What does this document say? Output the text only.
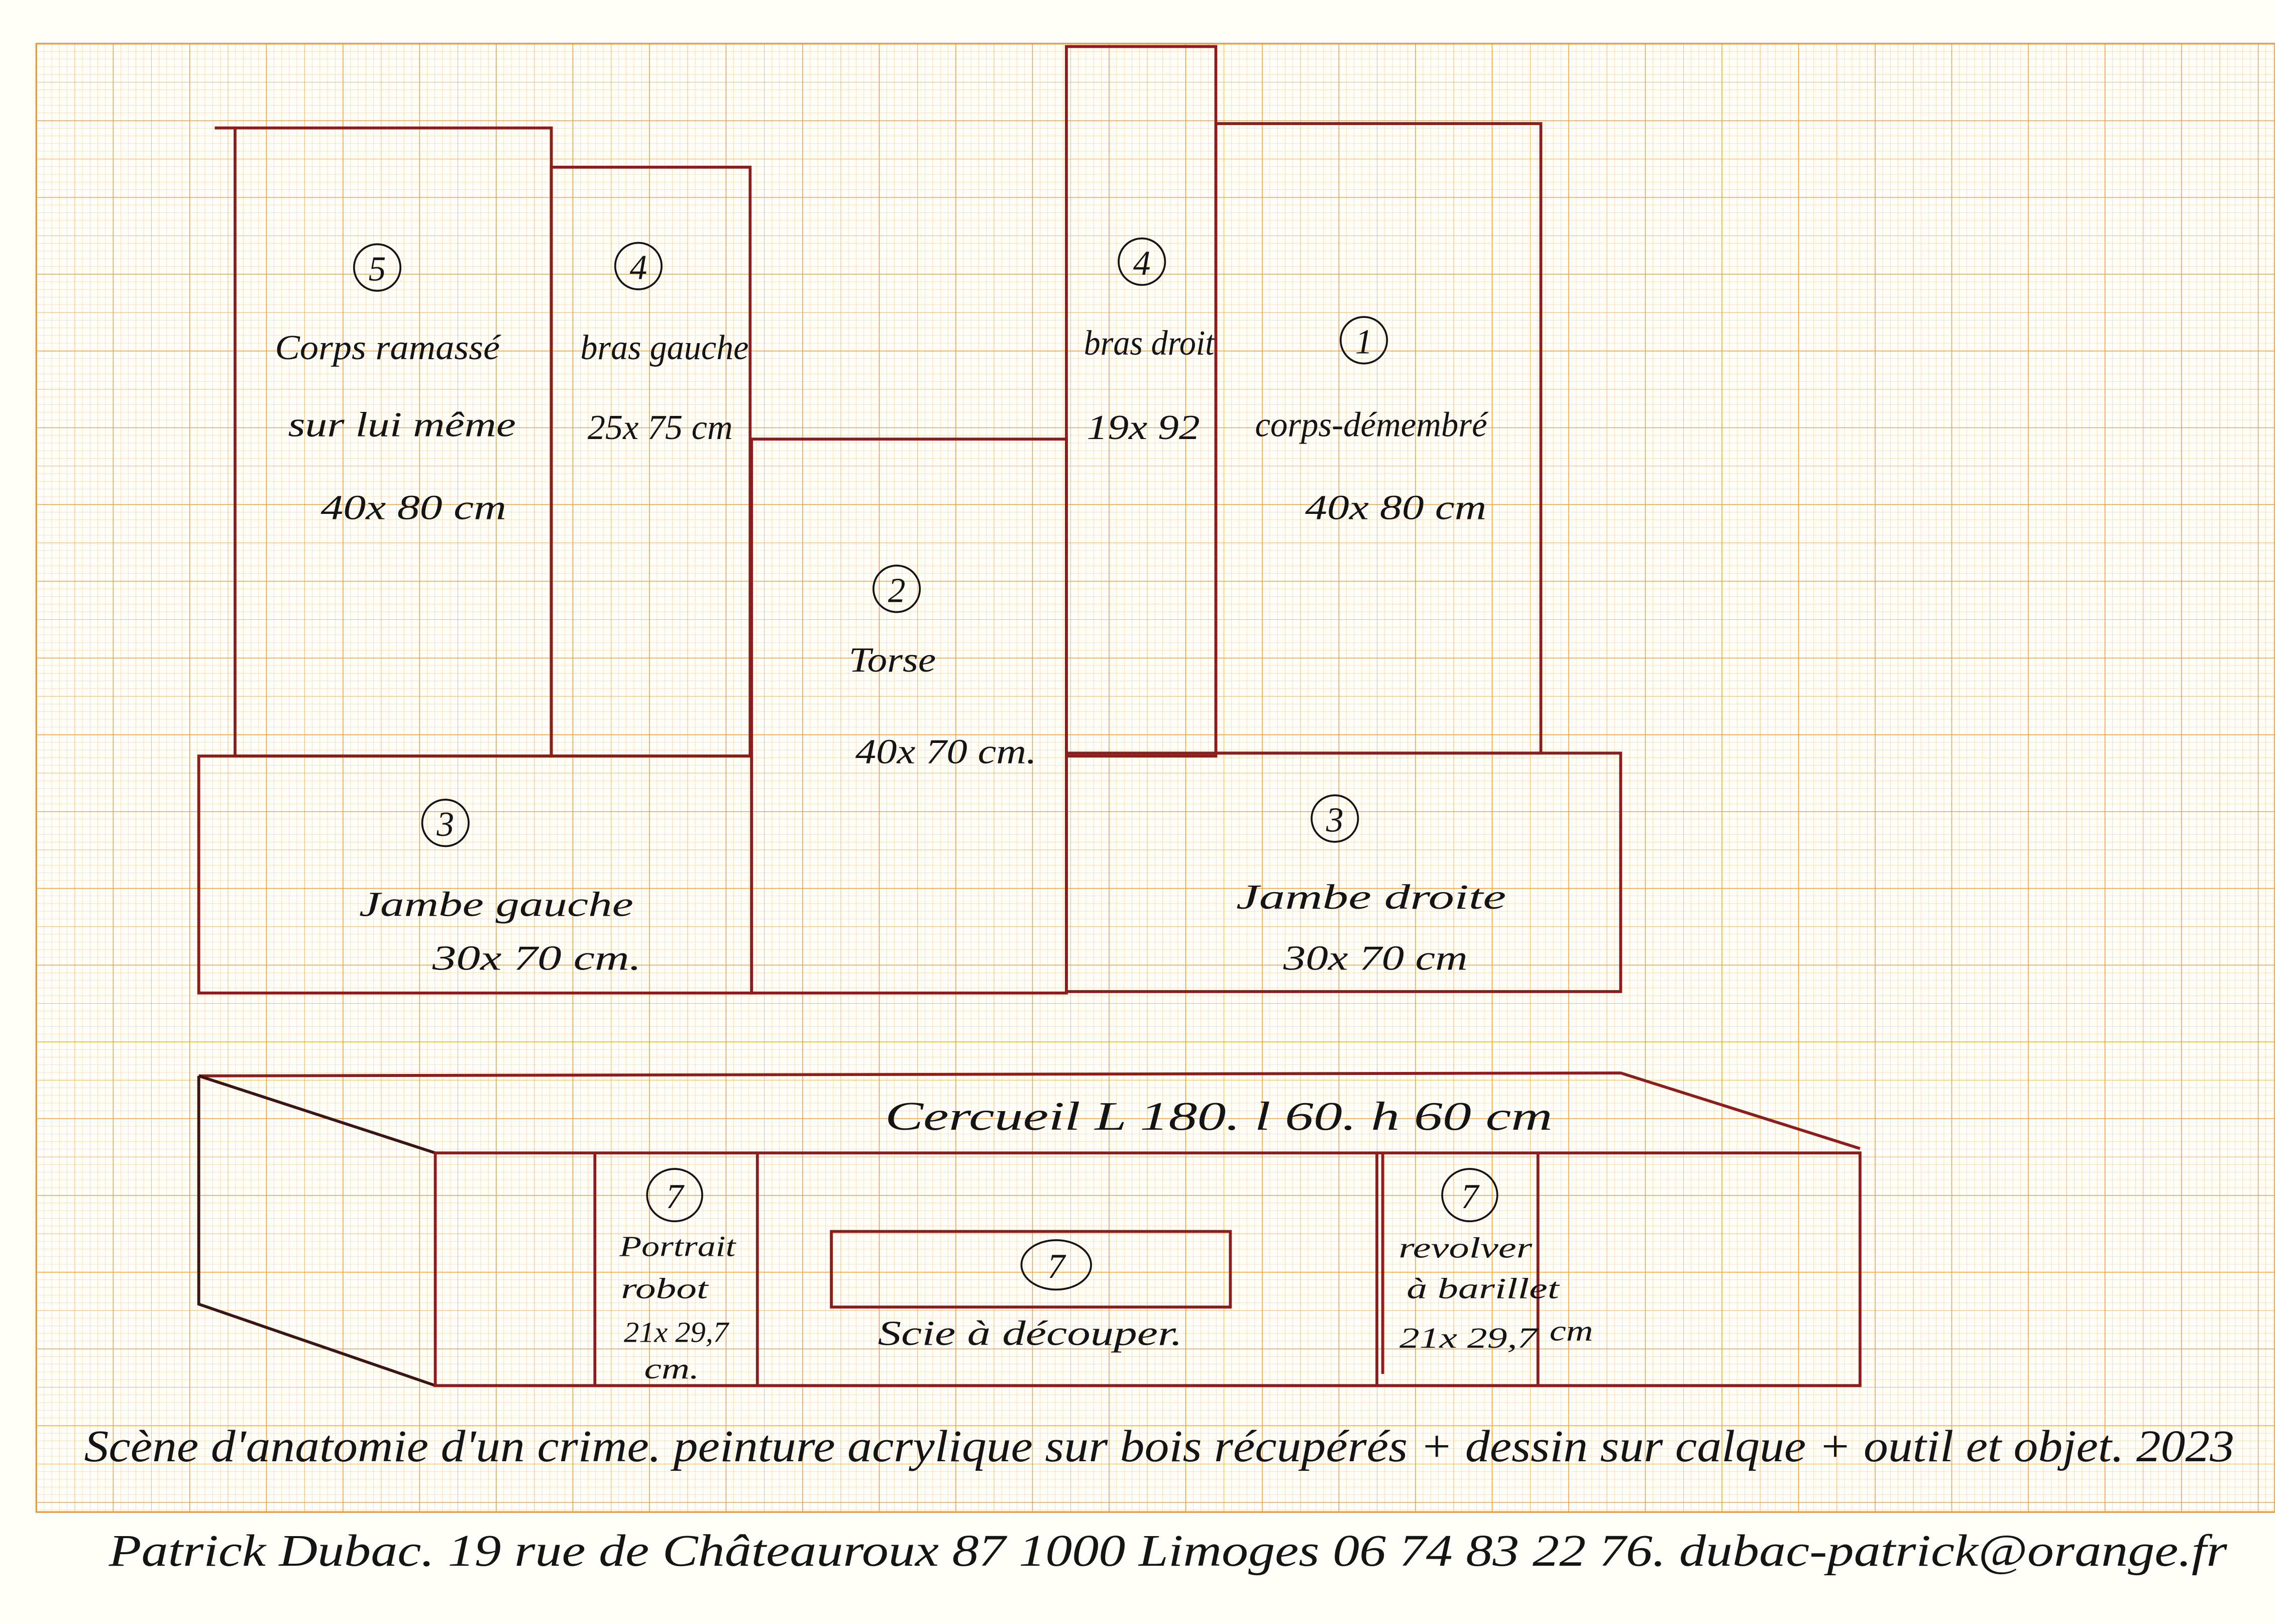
5
Corps ramassé
sur lui même
40x 80 cm
4
bras gauche
25x 75 cm
2
Torse
40x 70 cm.
4
bras droit
19x 92
1
corps-démembré
40x 80 cm
3
Jambe gauche
30x 70 cm.
3
Jambe droite
30x 70 cm
Cercueil L 180. l 60. h 60 cm
7
Portrait
robot
21x 29,7
cm.
7
Scie à découper.
7
revolver
à barillet
21x 29,7 cm
Scène d'anatomie d'un crime. peinture acrylique sur bois récupérés + dessin sur calque + outil et objet. 2023
Patrick Dubac. 19 rue de Châteauroux 87 1000 Limoges 06 74 83 22 76. dubac-patrick@orange.fr
